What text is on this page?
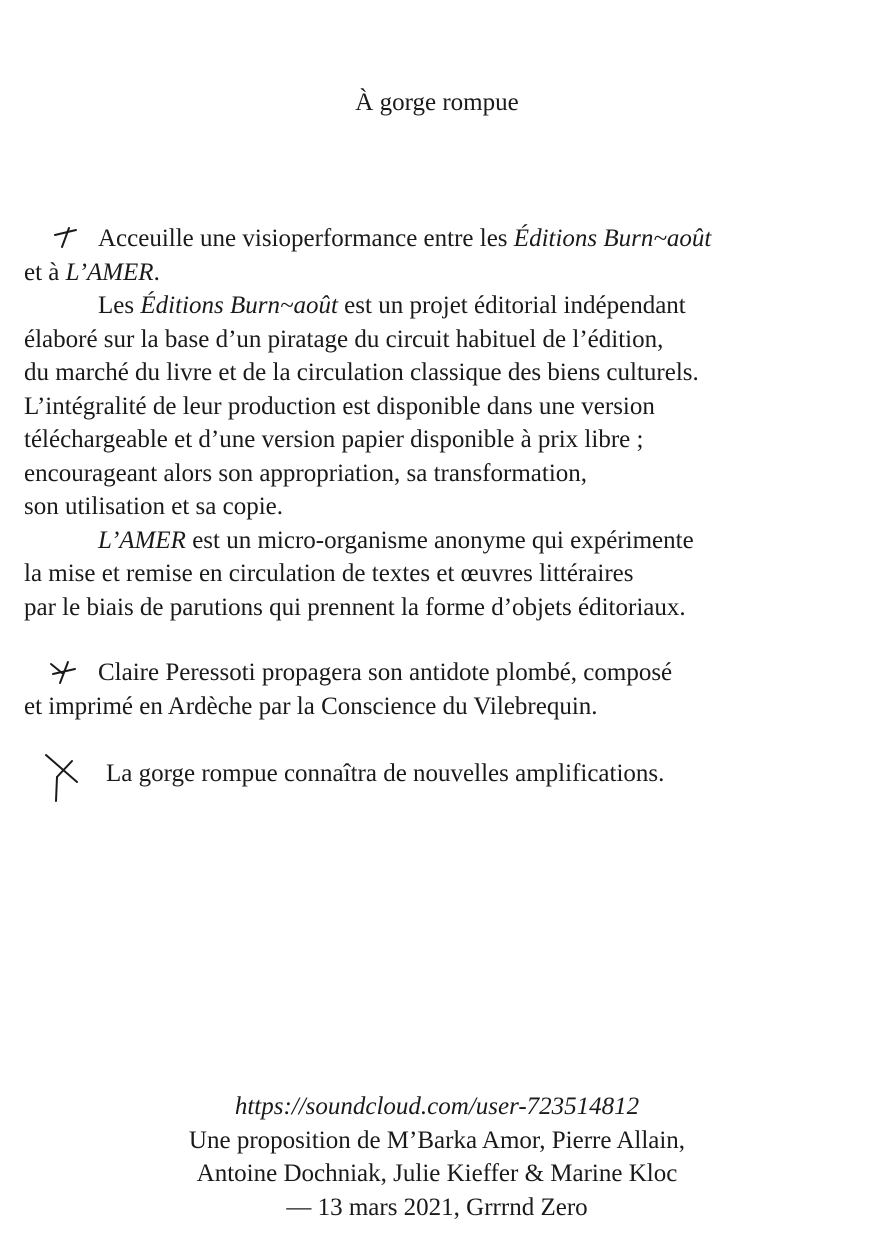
À gorge rompue

Acceuille une visioperformance entre les Éditions Burn~août

et à L’AMER.

Les Éditions Burn~août est un projet éditorial indépendant

élaboré sur la base d’un piratage du circuit habituel de l’édition,

du marché du livre et de la circulation classique des biens culturels.

L’intégralité de leur production est disponible dans une version

téléchargeable et d’une version papier disponible à prix libre ;

encourageant alors son appropriation, sa transformation,

son utilisation et sa copie.

L’AMER est un micro-organisme anonyme qui expérimente

la mise et remise en circulation de textes et œuvres littéraires

par le biais de parutions qui prennent la forme d’objets éditoriaux.

Claire Peressoti propagera son antidote plombé, composé

et imprimé en Ardèche par la Conscience du Vilebrequin.

La gorge rompue connaîtra de nouvelles amplifications.

https://soundcloud.com/user-723514812
Une proposition de M’Barka Amor, Pierre Allain,
Antoine Dochniak, Julie Kieffer & Marine Kloc
— 13 mars 2021, Grrrnd Zero
